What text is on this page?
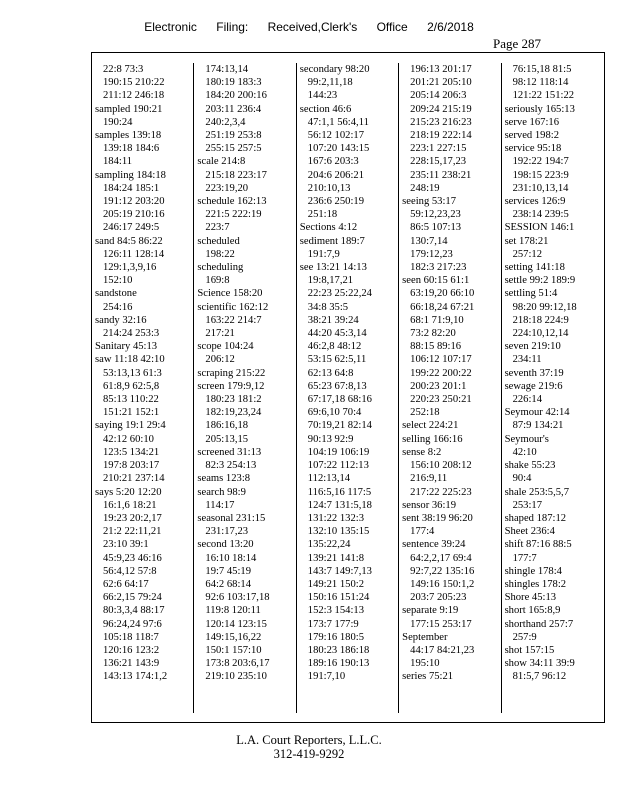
Electronic Filing: Received,Clerk's Office 2/6/2018
Page 287
22:8 73:3
190:15 210:22
211:12 246:18
sampled 190:21
190:24
samples 139:18
139:18 184:6
184:11
sampling 184:18
184:24 185:1
191:12 203:20
205:19 210:16
246:17 249:5
sand 84:5 86:22
126:11 128:14
129:1,3,9,16
152:10
sandstone
254:16
sandy 32:16
214:24 253:3
Sanitary 45:13
saw 11:18 42:10
53:13,13 61:3
61:8,9 62:5,8
85:13 110:22
151:21 152:1
saying 19:1 29:4
42:12 60:10
123:5 134:21
197:8 203:17
210:21 237:14
says 5:20 12:20
16:1,6 18:21
19:23 20:2,17
21:2 22:11,21
23:10 39:1
45:9,23 46:16
56:4,12 57:8
62:6 64:17
66:2,15 79:24
80:3,3,4 88:17
96:24,24 97:6
105:18 118:7
120:16 123:2
136:21 143:9
143:13 174:1,2
174:13,14
180:19 183:3
184:20 200:16
203:11 236:4
240:2,3,4
251:19 253:8
255:15 257:5
scale 214:8
215:18 223:17
223:19,20
schedule 162:13
221:5 222:19
223:7
scheduled
198:22
scheduling
169:8
Science 158:20
scientific 162:12
163:22 214:7
217:21
scope 104:24
206:12
scraping 215:22
screen 179:9,12
180:23 181:2
182:19,23,24
186:16,18
205:13,15
screened 31:13
82:3 254:13
seams 123:8
search 98:9
114:17
seasonal 231:15
231:17,23
second 13:20
16:10 18:14
19:7 45:19
64:2 68:14
92:6 103:17,18
119:8 120:11
120:14 123:15
149:15,16,22
150:1 157:10
173:8 203:6,17
219:10 235:10
secondary 98:20
99:2,11,18
144:23
section 46:6
47:1,1 56:4,11
56:12 102:17
107:20 143:15
167:6 203:3
204:6 206:21
210:10,13
236:6 250:19
251:18
Sections 4:12
sediment 189:7
191:7,9
see 13:21 14:13
19:8,17,21
22:23 25:22,24
34:8 35:5
38:21 39:24
44:20 45:3,14
46:2,8 48:12
53:15 62:5,11
62:13 64:8
65:23 67:8,13
67:17,18 68:16
69:6,10 70:4
70:19,21 82:14
90:13 92:9
104:19 106:19
107:22 112:13
112:13,14
116:5,16 117:5
124:7 131:5,18
131:22 132:3
132:10 135:15
135:22,24
139:21 141:8
143:7 149:7,13
149:21 150:2
150:16 151:24
152:3 154:13
173:7 177:9
179:16 180:5
180:23 186:18
189:16 190:13
191:7,10
196:13 201:17
201:21 205:10
205:14 206:3
209:24 215:19
215:23 216:23
218:19 222:14
223:1 227:15
228:15,17,23
235:11 238:21
248:19
seeing 53:17
59:12,23,23
86:5 107:13
130:7,14
179:12,23
182:3 217:23
seen 60:15 61:1
63:19,20 66:10
66:18,24 67:21
68:1 71:9,10
73:2 82:20
88:15 89:16
106:12 107:17
199:22 200:22
200:23 201:1
220:23 250:21
252:18
select 224:21
selling 166:16
sense 8:2
156:10 208:12
216:9,11
217:22 225:23
sensor 36:19
sent 38:19 96:20
177:4
sentence 39:24
64:2,2,17 69:4
92:7,22 135:16
149:16 150:1,2
203:7 205:23
separate 9:19
177:15 253:17
September
44:17 84:21,23
195:10
series 75:21
76:15,18 81:5
98:12 118:14
121:22 151:22
seriously 165:13
serve 167:16
served 198:2
service 95:18
192:22 194:7
198:15 223:9
231:10,13,14
services 126:9
238:14 239:5
SESSION 146:1
set 178:21
257:12
setting 141:18
settle 99:2 189:9
settling 51:4
98:20 99:12,18
218:18 224:9
224:10,12,14
seven 219:10
234:11
seventh 37:19
sewage 219:6
226:14
Seymour 42:14
87:9 134:21
Seymour's
42:10
shake 55:23
90:4
shale 253:5,5,7
253:17
shaped 187:12
Sheet 236:4
shift 87:16 88:5
177:7
shingle 178:4
shingles 178:2
Shore 45:13
short 165:8,9
shorthand 257:7
257:9
shot 157:15
show 34:11 39:9
81:5,7 96:12
L.A. Court Reporters, L.L.C.
312-419-9292
